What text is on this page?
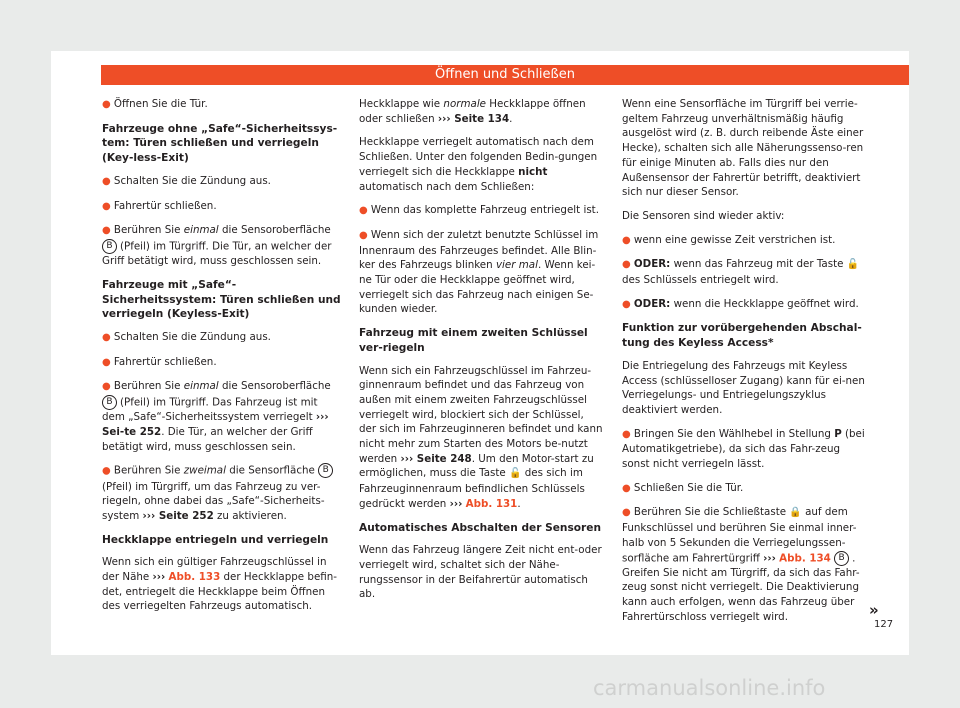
Öffnen und Schließen

● Öffnen Sie die Tür.

Fahrzeuge ohne „Safe“-Sicherheitssys-tem: Türen schließen und verriegeln (Key-less-Exit)

● Schalten Sie die Zündung aus.

● Fahrertür schließen.

● Berühren Sie einmal die Sensoroberfläche B (Pfeil) im Türgriff. Die Tür, an welcher der Griff betätigt wird, muss geschlossen sein.

Fahrzeuge mit „Safe“-Sicherheitssystem: Türen schließen und verriegeln (Keyless-Exit)

● Schalten Sie die Zündung aus.

● Fahrertür schließen.

● Berühren Sie einmal die Sensoroberfläche B (Pfeil) im Türgriff. Das Fahrzeug ist mit dem „Safe“-Sicherheitssystem verriegelt ››› Sei-te 252. Die Tür, an welcher der Griff betätigt wird, muss geschlossen sein.

● Berühren Sie zweimal die Sensorfläche B(Pfeil) im Türgriff, um das Fahrzeug zu ver-riegeln, ohne dabei das „Safe“-Sicherheits-system ››› Seite 252 zu aktivieren.

Heckklappe entriegeln und verriegeln

Wenn sich ein gültiger Fahrzeugschlüssel in der Nähe ››› Abb. 133 der Heckklappe befin-det, entriegelt die Heckklappe beim Öffnen des verriegelten Fahrzeugs automatisch.

Heckklappe wie normale Heckklappe öffnen oder schließen ››› Seite 134.

Heckklappe verriegelt automatisch nach dem Schließen. Unter den folgenden Bedin-gungen verriegelt sich die Heckklappe nicht automatisch nach dem Schließen:

● Wenn das komplette Fahrzeug entriegelt ist.

● Wenn sich der zuletzt benutzte Schlüssel im Innenraum des Fahrzeuges befindet. Alle Blin-ker des Fahrzeugs blinken vier mal. Wenn kei-ne Tür oder die Heckklappe geöffnet wird, verriegelt sich das Fahrzeug nach einigen Se-kunden wieder.

Fahrzeug mit einem zweiten Schlüssel ver-riegeln

Wenn sich ein Fahrzeugschlüssel im Fahrzeu-ginnenraum befindet und das Fahrzeug von außen mit einem zweiten Fahrzeugschlüssel verriegelt wird, blockiert sich der Schlüssel, der sich im Fahrzeuginneren befindet und kann nicht mehr zum Starten des Motors be-nutzt werden ››› Seite 248. Um den Motor-start zu ermöglichen, muss die Taste 🔓 des sich im Fahrzeuginnenraum befindlichen Schlüssels gedrückt werden ››› Abb. 131.

Automatisches Abschalten der Sensoren

Wenn das Fahrzeug längere Zeit nicht ent-oder verriegelt wird, schaltet sich der Nähe-rungssensor in der Beifahrertür automatisch ab.

Wenn eine Sensorfläche im Türgriff bei verrie-geltem Fahrzeug unverhältnismäßig häufig ausgelöst wird (z. B. durch reibende Äste einer Hecke), schalten sich alle Näherungssenso-ren für einige Minuten ab. Falls dies nur den Außensensor der Fahrertür betrifft, deaktiviert sich nur dieser Sensor.

Die Sensoren sind wieder aktiv:

● wenn eine gewisse Zeit verstrichen ist.

● ODER: wenn das Fahrzeug mit der Taste 🔓 des Schlüssels entriegelt wird.

● ODER: wenn die Heckklappe geöffnet wird.

Funktion zur vorübergehenden Abschal-tung des Keyless Access*

Die Entriegelung des Fahrzeugs mit Keyless Access (schlüsselloser Zugang) kann für ei-nen Verriegelungs- und Entriegelungszyklus deaktiviert werden.

● Bringen Sie den Wählhebel in Stellung P (bei Automatikgetriebe), da sich das Fahr-zeug sonst nicht verriegeln lässt.

● Schließen Sie die Tür.

● Berühren Sie die Schließtaste 🔒 auf dem Funkschlüssel und berühren Sie einmal inner-halb von 5 Sekunden die Verriegelungssen-sorfläche am Fahrertürgriff ››› Abb. 134 B . Greifen Sie nicht am Türgriff, da sich das Fahr-zeug sonst nicht verriegelt. Die Deaktivierung kann auch erfolgen, wenn das Fahrzeug über Fahrertürschloss verriegelt wird.	»
127
carmanualsonline.info
